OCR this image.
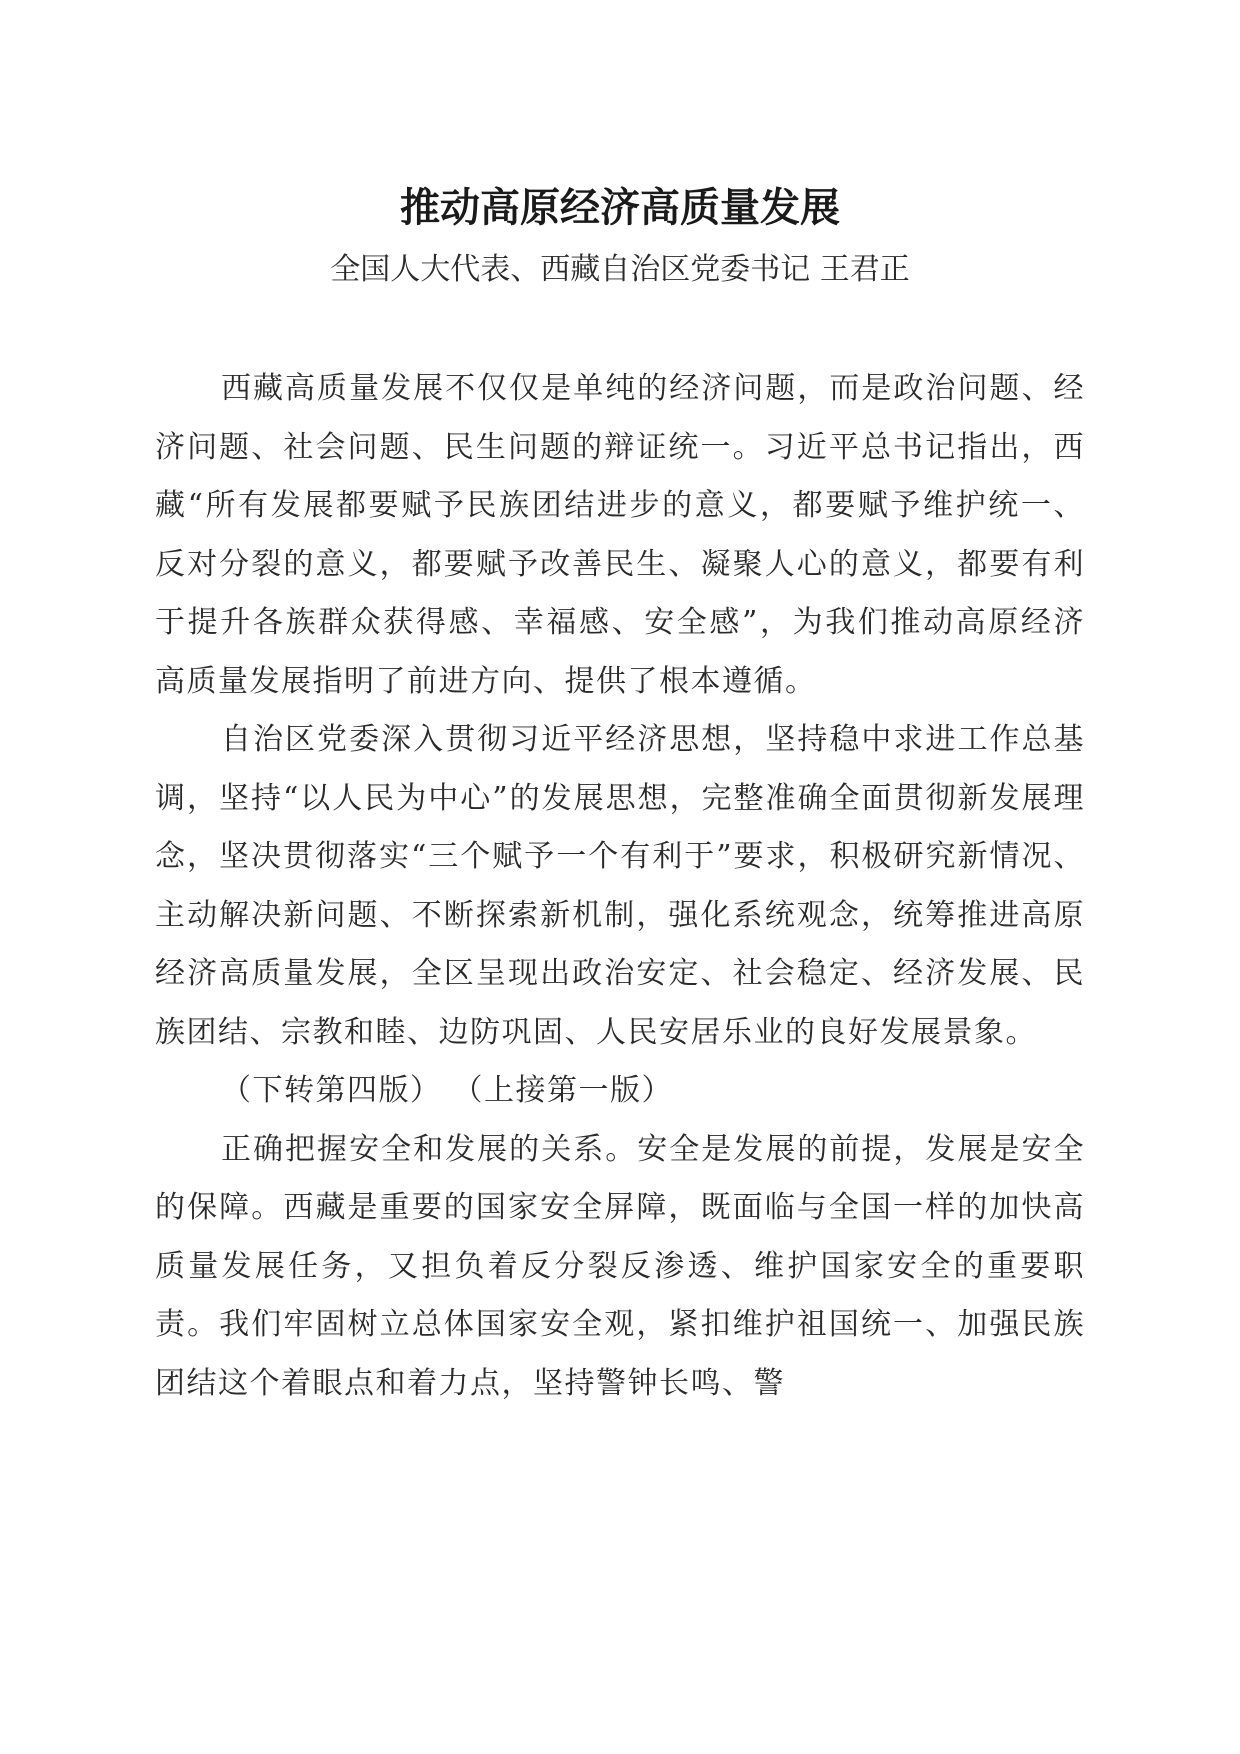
推动高原经济高质量发展

全国人大代表、西藏自治区党委书记 王君正

西藏高质量发展不仅仅是单纯的经济问题，而是政治问题、经济问题、社会问题、民生问题的辩证统一。习近平总书记指出，西藏“所有发展都要赋予民族团结进步的意义，都要赋予维护统一、反对分裂的意义，都要赋予改善民生、凝聚人心的意义，都要有利于提升各族群众获得感、幸福感、安全感”，为我们推动高原经济高质量发展指明了前进方向、提供了根本遵循。

自治区党委深入贯彻习近平经济思想，坚持稳中求进工作总基调，坚持“以人民为中心”的发展思想，完整准确全面贯彻新发展理念，坚决贯彻落实“三个赋予一个有利于”要求，积极研究新情况、主动解决新问题、不断探索新机制，强化系统观念，统筹推进高原经济高质量发展，全区呈现出政治安定、社会稳定、经济发展、民族团结、宗教和睦、边防巩固、人民安居乐业的良好发展景象。

（下转第四版） （上接第一版）

正确把握安全和发展的关系。安全是发展的前提，发展是安全的保障。西藏是重要的国家安全屏障，既面临与全国一样的加快高质量发展任务，又担负着反分裂反渗透、维护国家安全的重要职责。我们牢固树立总体国家安全观，紧扣维护祖国统一、加强民族团结这个着眼点和着力点，坚持警钟长鸣、警
